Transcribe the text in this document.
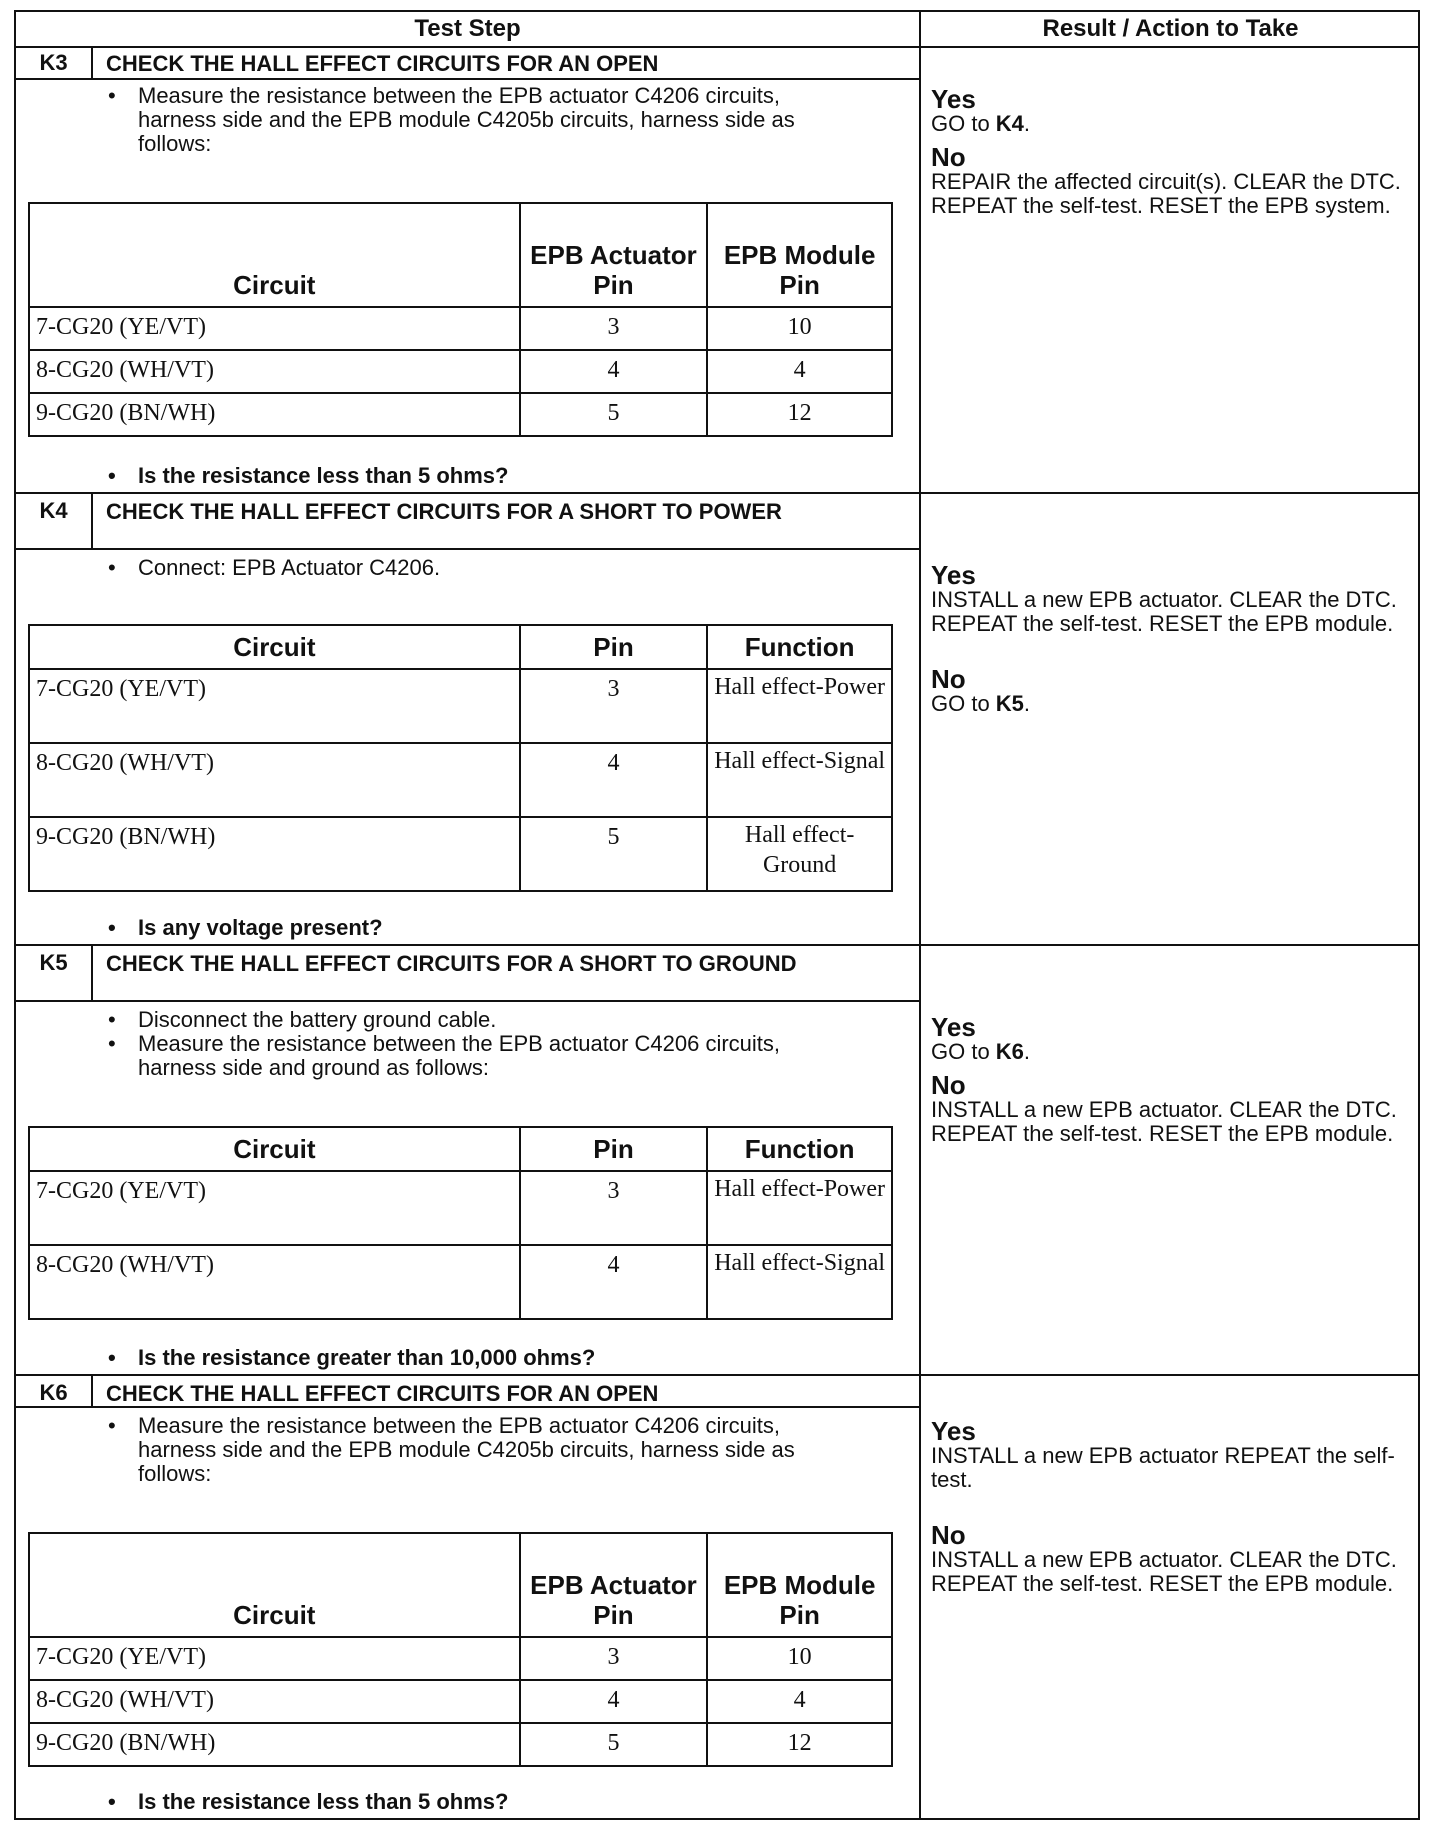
Test Step	Result / Action to Take
K3	CHECK THE HALL EFFECT CIRCUITS FOR AN OPEN
•	Measure the resistance between the EPB actuator C4206 circuits, harness side and the EPB module C4205b circuits, harness side as follows:
Circuit	EPB Actuator Pin	EPB Module Pin
7-CG20 (YE/VT)	3	10
8-CG20 (WH/VT)	4	4
9-CG20 (BN/WH)	5	12
•	Is the resistance less than 5 ohms?
Yes
GO to K4.
No
REPAIR the affected circuit(s). CLEAR the DTC. REPEAT the self-test. RESET the EPB system.
K4	CHECK THE HALL EFFECT CIRCUITS FOR A SHORT TO POWER
•	Connect: EPB Actuator C4206.
Circuit	Pin	Function
7-CG20 (YE/VT)	3	Hall effect-Power
8-CG20 (WH/VT)	4	Hall effect-Signal
9-CG20 (BN/WH)	5	Hall effect-Ground
•	Is any voltage present?
Yes
INSTALL a new EPB actuator. CLEAR the DTC. REPEAT the self-test. RESET the EPB module.
No
GO to K5.
K5	CHECK THE HALL EFFECT CIRCUITS FOR A SHORT TO GROUND
•	Disconnect the battery ground cable.
•	Measure the resistance between the EPB actuator C4206 circuits, harness side and ground as follows:
Circuit	Pin	Function
7-CG20 (YE/VT)	3	Hall effect-Power
8-CG20 (WH/VT)	4	Hall effect-Signal
•	Is the resistance greater than 10,000 ohms?
Yes
GO to K6.
No
INSTALL a new EPB actuator. CLEAR the DTC. REPEAT the self-test. RESET the EPB module.
K6	CHECK THE HALL EFFECT CIRCUITS FOR AN OPEN
•	Measure the resistance between the EPB actuator C4206 circuits, harness side and the EPB module C4205b circuits, harness side as follows:
Circuit	EPB Actuator Pin	EPB Module Pin
7-CG20 (YE/VT)	3	10
8-CG20 (WH/VT)	4	4
9-CG20 (BN/WH)	5	12
•	Is the resistance less than 5 ohms?
Yes
INSTALL a new EPB actuator REPEAT the self-test.
No
INSTALL a new EPB actuator. CLEAR the DTC. REPEAT the self-test. RESET the EPB module.
